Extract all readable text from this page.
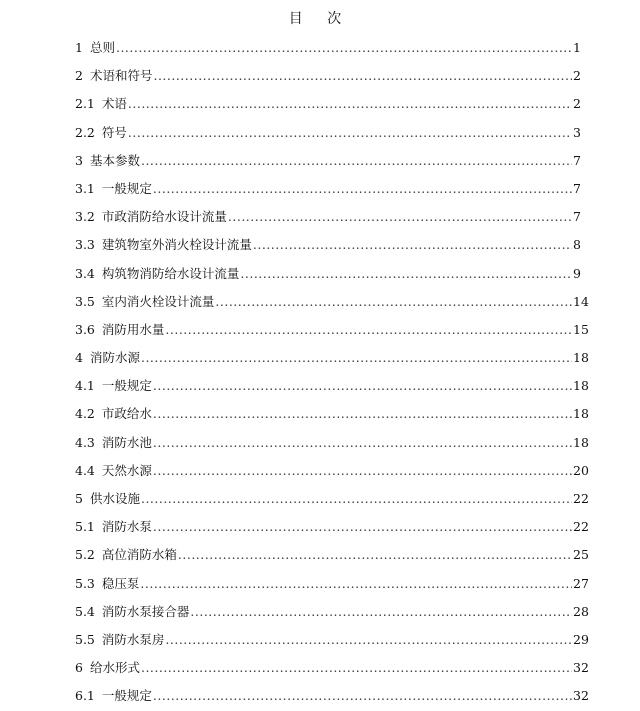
目 次
1 总则 .....	1
2 术语和符号 .....	2
2.1 术语 .....	2
2.2 符号 .....	3
3 基本参数 .....	7
3.1 一般规定 .....	7
3.2 市政消防给水设计流量 .....	7
3.3 建筑物室外消火栓设计流量 .....	8
3.4 构筑物消防给水设计流量 .....	9
3.5 室内消火栓设计流量 .....	14
3.6 消防用水量 .....	15
4 消防水源 .....	18
4.1 一般规定 .....	18
4.2 市政给水 .....	18
4.3 消防水池 .....	18
4.4 天然水源 .....	20
5 供水设施 .....	22
5.1 消防水泵 .....	22
5.2 高位消防水箱 .....	25
5.3 稳压泵 .....	27
5.4 消防水泵接合器 .....	28
5.5 消防水泵房 .....	29
6 给水形式 .....	32
6.1 一般规定 .....	32
